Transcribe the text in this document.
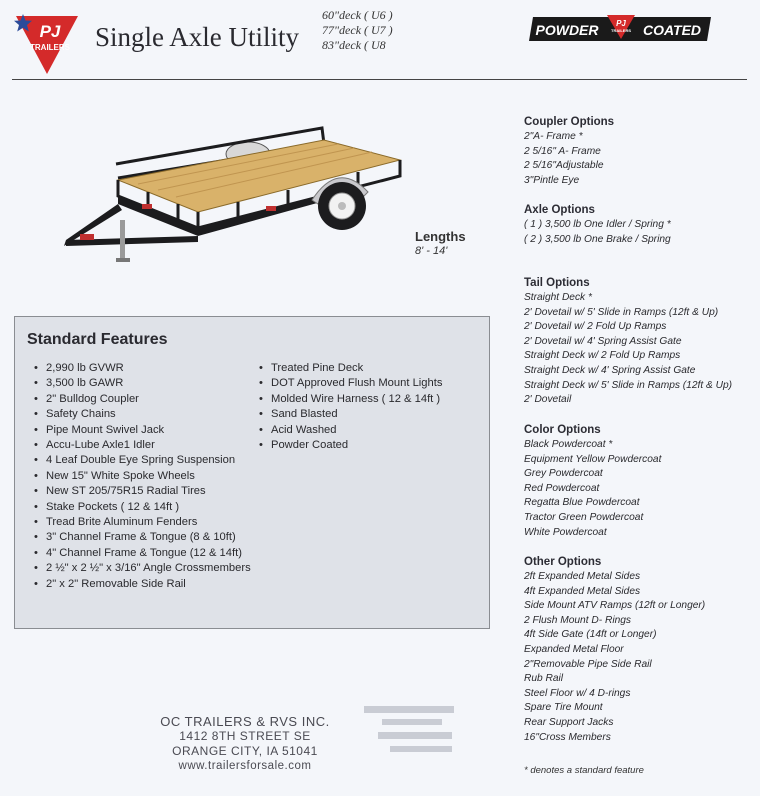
PJ
TRAILERS Single Axle Utility
60"deck ( U6 )
77"deck ( U7 )
83"deck ( U8
POWDER PJ
TRAILERS COATED
Lengths
8' - 14'
Standard Features
• 2,990 lb GVWR
• 3,500 lb GAWR
• 2" Bulldog Coupler
• Safety Chains
• Pipe Mount Swivel Jack
• Accu-Lube Axle1 Idler
• 4 Leaf Double Eye Spring Suspension
• New 15" White Spoke Wheels
• New ST 205/75R15 Radial Tires
• Stake Pockets ( 12 & 14ft )
• Tread Brite Aluminum Fenders
• 3" Channel Frame & Tongue (8 & 10ft)
• 4" Channel Frame & Tongue (12 & 14ft)
• 2 ½" x 2 ½" x 3/16" Angle Crossmembers
• 2" x 2" Removable Side Rail
• Treated Pine Deck
• DOT Approved Flush Mount Lights
• Molded Wire Harness ( 12 & 14ft )
• Sand Blasted
• Acid Washed
• Powder Coated
Coupler Options
2"A- Frame *
2 5/16" A- Frame
2 5/16"Adjustable
3"Pintle Eye
Axle Options
( 1 ) 3,500 lb One Idler / Spring *
( 2 ) 3,500 lb One Brake / Spring
Tail Options
Straight Deck *
2' Dovetail w/ 5' Slide in Ramps (12ft & Up)
2' Dovetail w/ 2 Fold Up Ramps
2' Dovetail w/ 4' Spring Assist Gate
Straight Deck w/ 2 Fold Up Ramps
Straight Deck w/ 4' Spring Assist Gate
Straight Deck w/ 5' Slide in Ramps (12ft & Up)
2' Dovetail
Color Options
Black Powdercoat *
Equipment Yellow Powdercoat
Grey Powdercoat
Red Powdercoat
Regatta Blue Powdercoat
Tractor Green Powdercoat
White Powdercoat
Other Options
2ft Expanded Metal Sides
4ft Expanded Metal Sides
Side Mount ATV Ramps (12ft or Longer)
2 Flush Mount D- Rings
4ft Side Gate (14ft or Longer)
Expanded Metal Floor
2"Removable Pipe Side Rail
Rub Rail
Steel Floor w/ 4 D-rings
Spare Tire Mount
Rear Support Jacks
16"Cross Members
* denotes a standard feature
OC TRAILERS & RVS INC.
1412 8TH STREET SE
ORANGE CITY, IA 51041
www.trailersforsale.com
